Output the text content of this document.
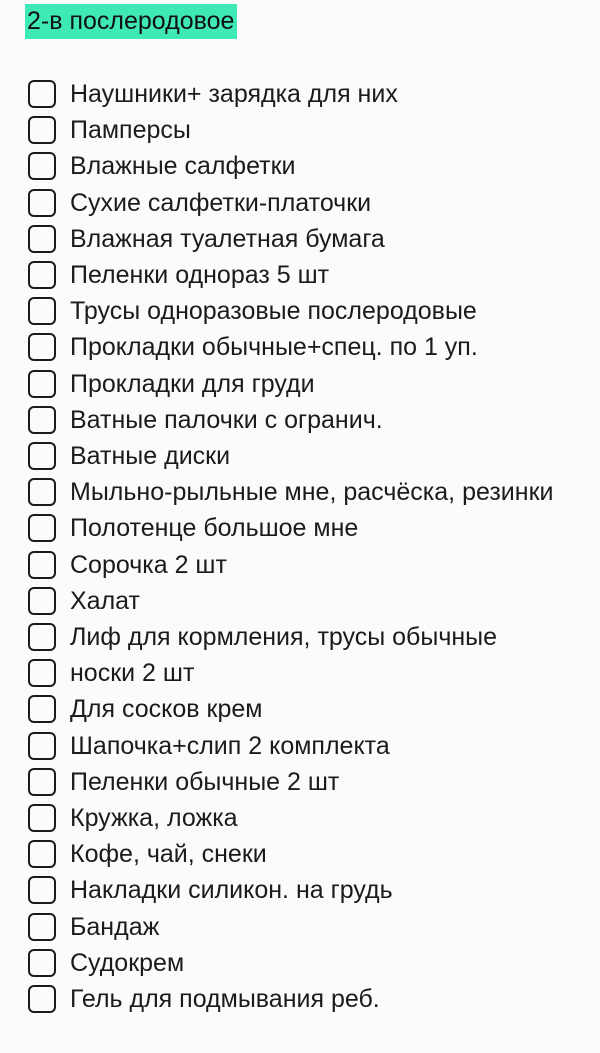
2-в послеродовое
Наушники+ зарядка для них
Памперсы
Влажные салфетки
Сухие салфетки-платочки
Влажная туалетная бумага
Пеленки однораз 5 шт
Трусы одноразовые послеродовые
Прокладки обычные+спец. по 1 уп.
Прокладки для груди
Ватные палочки с огранич.
Ватные диски
Мыльно-рыльные мне, расчёска, резинки
Полотенце большое мне
Сорочка 2 шт
Халат
Лиф для кормления, трусы обычные
носки 2 шт
Для сосков крем
Шапочка+слип 2 комплекта
Пеленки обычные 2 шт
Кружка, ложка
Кофе, чай, снеки
Накладки силикон. на грудь
Бандаж
Судокрем
Гель для подмывания реб.
